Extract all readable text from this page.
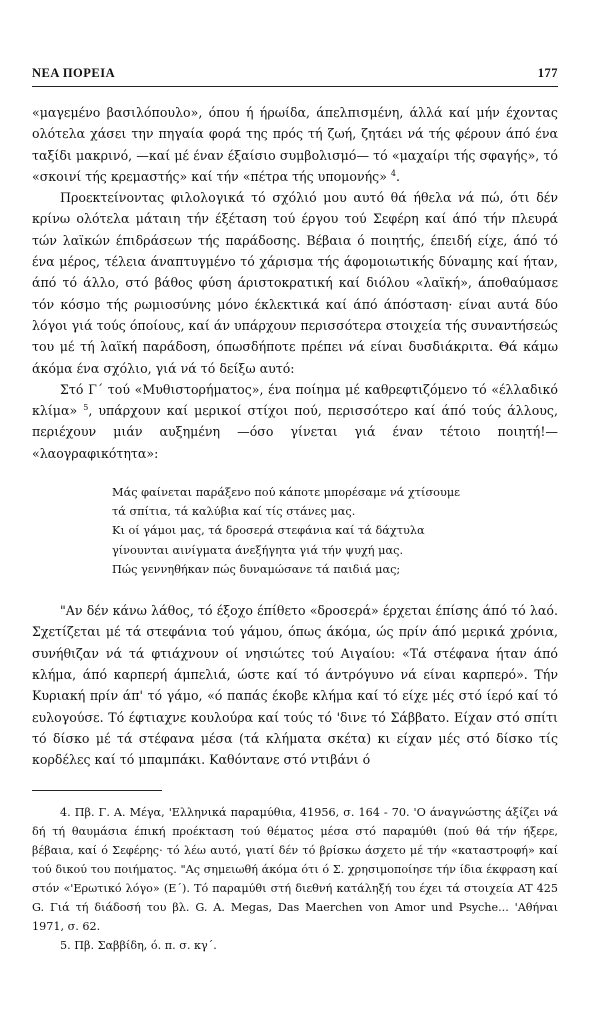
ΝΕΑ ΠΟΡΕΙΑ	177

«μαγεμένο βασιλόπουλο», όπου ή ήρωίδα, άπελπισμένη, άλλά καί μήν έχοντας ολότελα χάσει την πηγαία φορά της πρός τή ζωή, ζητάει νά τής φέρουν άπό ένα ταξίδι μακρινό, —καί μέ έναν έξαίσιο συμβολισμό— τό «μαχαίρι τής σφαγής», τό «σκοινί τής κρεμαστής» καί τήν «πέτρα τής υπομονής» $^4$.

Προεκτείνοντας φιλολογικά τό σχόλιό μου αυτό θά ήθελα νά πώ, ότι δέν κρίνω ολότελα μάταιη τήν έξέταση τού έργου τού Σεφέρη καί άπό τήν πλευρά τών λαϊκών έπιδράσεων τής παράδοσης. Βέβαια ό ποιητής, έπειδή είχε, άπό τό ένα μέρος, τέλεια άναπτυγμένο τό χάρισμα τής άφομοιωτικής δύναμης καί ήταν, άπό τό άλλο, στό βάθος φύση άριστοκρατική καί διόλου «λαϊκή», άποθαύμασε τόν κόσμο τής ρωμιοσύνης μόνο έκλεκτικά καί άπό άπόσταση· είναι αυτά δύο λόγοι γιά τούς όποίους, καί άν υπάρχουν περισσότερα στοιχεία τής συναντήσεώς του μέ τή λαϊκή παράδοση, όπωσδήποτε πρέπει νά είναι δυσδιάκριτα. Θά κάμω άκόμα ένα σχόλιο, γιά νά τό δείξω αυτό:

Στό Γ΄ τού «Μυθιστορήματος», ένα ποίημα μέ καθρεφτιζόμενο τό «έλλαδικό κλίμα» $^5$, υπάρχουν καί μερικοί στίχοι πού, περισσότερο καί άπό τούς άλλους, περιέχουν μιάν αυξημένη —όσο γίνεται γιά έναν τέτοιο ποιητή!— «λαογραφικότητα»:

Μάς φαίνεται παράξενο πού κάποτε μπορέσαμε νά χτίσουμε
τά σπίτια, τά καλύβια καί τίς στάνες μας.
Κι οί γάμοι μας, τά δροσερά στεφάνια καί τά δάχτυλα
γίνουνται αινίγματα άνεξήγητα γιά τήν ψυχή μας.
Πώς γεννηθήκαν πώς δυναμώσανε τά παιδιά μας;

"Αν δέν κάνω λάθος, τό έξοχο έπίθετο «δροσερά» έρχεται έπίσης άπό τό λαό. Σχετίζεται μέ τά στεφάνια τού γάμου, όπως άκόμα, ώς πρίν άπό μερικά χρόνια, συνήθιζαν νά τά φτιάχνουν οί νησιώτες τού Αιγαίου: «Τά στέφανα ήταν άπό κλήμα, άπό καρπερή άμπελιά, ώστε καί τό άντρόγυνο νά είναι καρπερό». Τήν Κυριακή πρίν άπ' τό γάμο, «ό παπάς έκοβε κλήμα καί τό είχε μές στό ίερό καί τό ευλογούσε. Τό έφτιαχνε κουλούρα καί τούς τό 'δινε τό Σάββατο. Είχαν στό σπίτι τό δίσκο μέ τά στέφανα μέσα (τά κλήματα σκέτα) κι είχαν μές στό δίσκο τίς κορδέλες καί τό μπαμπάκι. Καθόντανε στό ντιβάνι ό

4. Πβ. Γ. Α. Μέγα, 'Ελληνικά παραμύθια, 41956, σ. 164 - 70. 'Ο άναγνώστης άξίζει νά δή τή θαυμάσια έπική προέκταση τού θέματος μέσα στό παραμύθι (πού θά τήν ήξερε, βέβαια, καί ό Σεφέρης· τό λέω αυτό, γιατί δέν τό βρίσκω άσχετο μέ τήν «καταστροφή» καί τού δικού του ποιήματος. "Ας σημειωθή άκόμα ότι ό Σ. χρησιμοποίησε τήν ίδια έκφραση καί στόν «'Ερωτικό λόγο» (Ε΄). Τό παραμύθι στή διεθνή κατάληξή του έχει τά στοιχεία AT 425 G. Γιά τή διάδοσή του βλ. G. A. Megas, Das Maerchen von Amor und Psyche... 'Αθήναι 1971, σ. 62.

5. Πβ. Σαββίδη, ό. π. σ. κγ΄.
